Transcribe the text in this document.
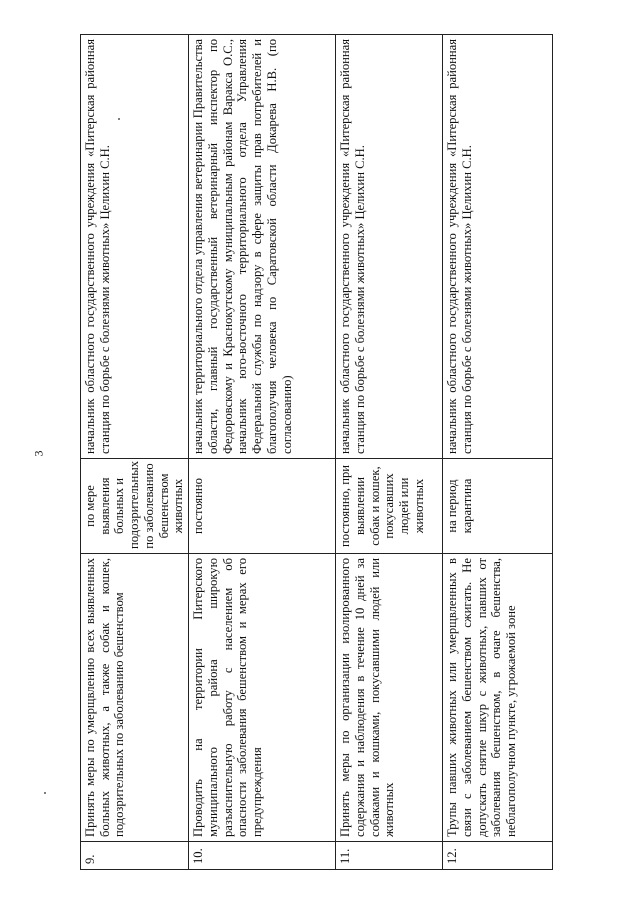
3
9.	Принять меры по умерщвлению всех выявленных больных животных, а также собак и кошек, подозрительных по заболеванию бешенством	по мере выявления больных и подозрительных по заболеванию бешенством животных	начальник областного государственного учреждения «Питерская районная станция по борьбе с болезнями животных» Целихин С.Н.
10.	Проводить на территории Питерского муниципального района широкую разъяснительную работу с населением об опасности заболевания бешенством и мерах его предупреждения	постоянно	начальник территориального отдела управления ветеринарии Правительства области, главный государственный ветеринарный инспектор по Федоровскому и Краснокутскому муниципальным районам Варакса О.С., начальник юго-восточного территориального отдела Управления Федеральной службы по надзору в сфере защиты прав потребителей и благополучия человека по Саратовской области Докарева Н.В. (по согласованию)
11.	Принять меры по организации изолированного содержания и наблюдения в течение 10 дней за собаками и кошками, покусавшими людей или животных	постоянно, при выявлении собак и кошек, покусавших людей или животных	начальник областного государственного учреждения «Питерская районная станция по борьбе с болезнями животных» Целихин С.Н.
12.	Трупы павших животных или умерщвленных в связи с заболеванием бешенством сжигать. Не допускать снятие шкур с животных, павших от заболевания бешенством, в очаге бешенства, неблагополучном пункте, угрожаемой зоне	на период карантина	начальник областного государственного учреждения «Питерская районная станция по борьбе с болезнями животных» Целихин С.Н.
